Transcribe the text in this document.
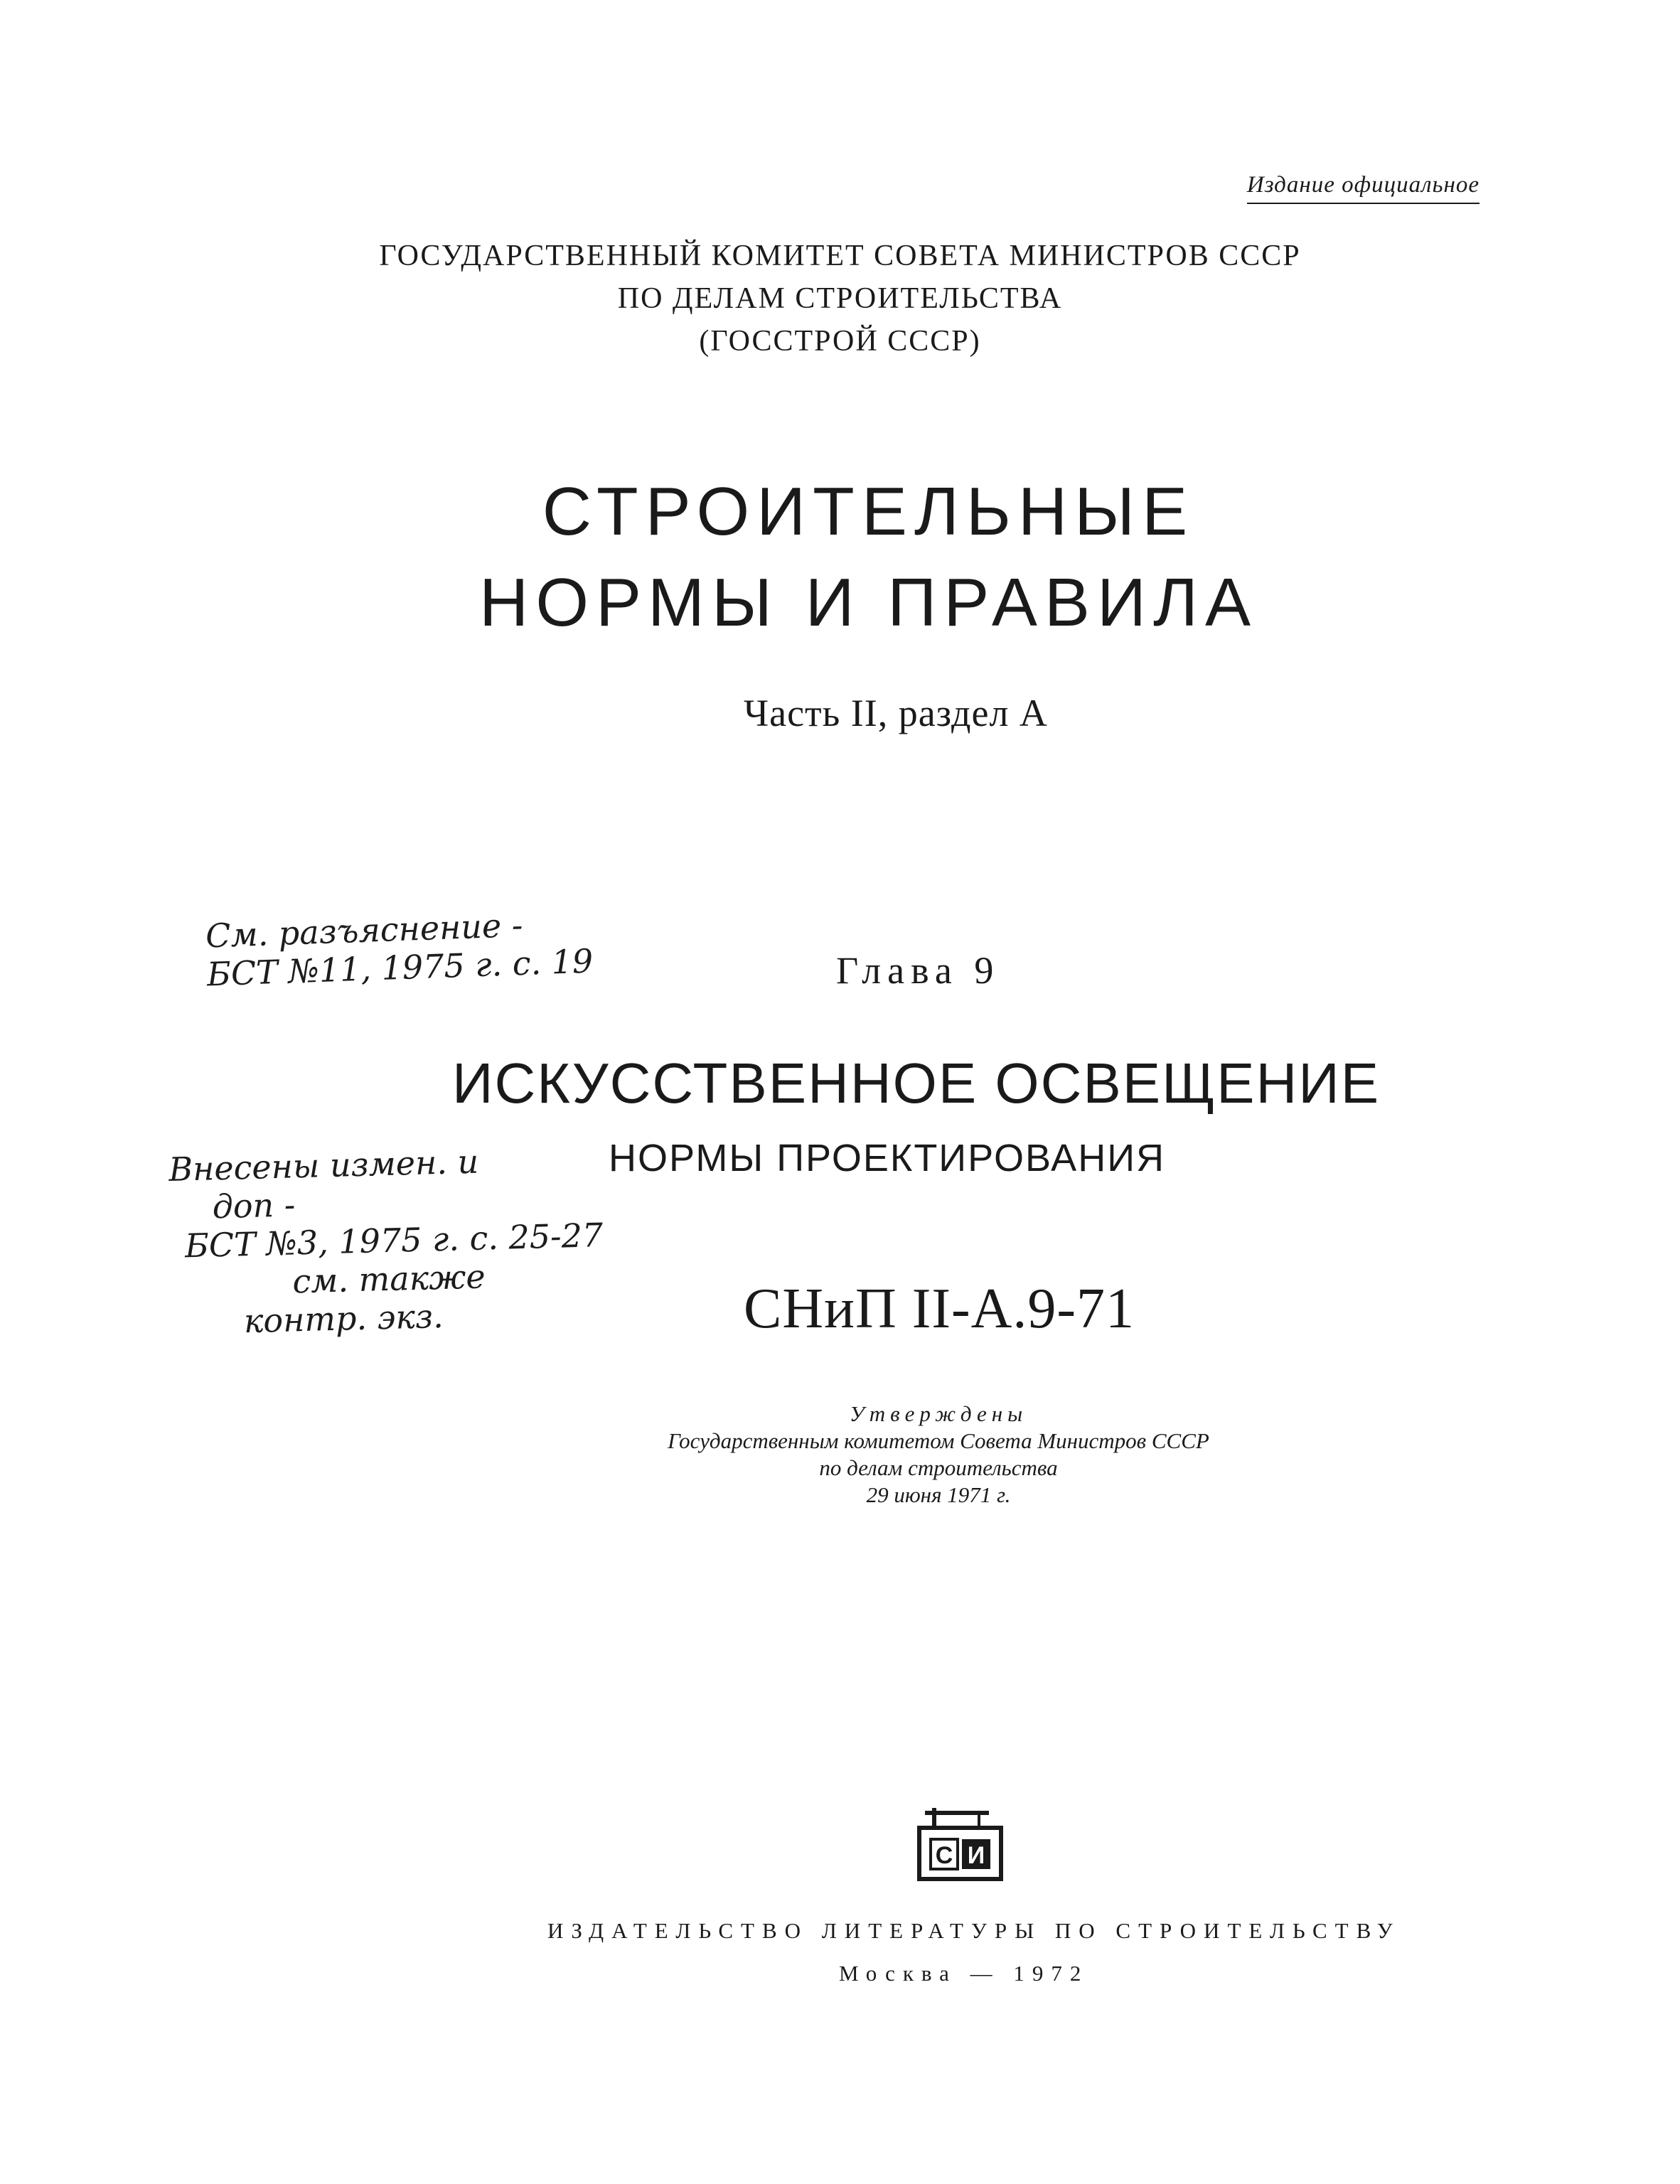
Издание официальное
ГОСУДАРСТВЕННЫЙ КОМИТЕТ СОВЕТА МИНИСТРОВ СССР
ПО ДЕЛАМ СТРОИТЕЛЬСТВА
(ГОССТРОЙ СССР)
СТРОИТЕЛЬНЫЕ
НОРМЫ И ПРАВИЛА
Часть II, раздел А
Глава 9
ИСКУССТВЕННОЕ ОСВЕЩЕНИЕ
НОРМЫ ПРОЕКТИРОВАНИЯ
СНиП II-А.9-71
Утверждены
Государственным комитетом Совета Министров СССР
по делам строительства
29 июня 1971 г.
См. разъяснение -
БСТ №11, 1975 г. с. 19
Внесены измен. и
доп -
БСТ №3, 1975 г. с. 25-27
см. также
контр. экз.
С И
ИЗДАТЕЛЬСТВО ЛИТЕРАТУРЫ ПО СТРОИТЕЛЬСТВУ
Москва — 1972
